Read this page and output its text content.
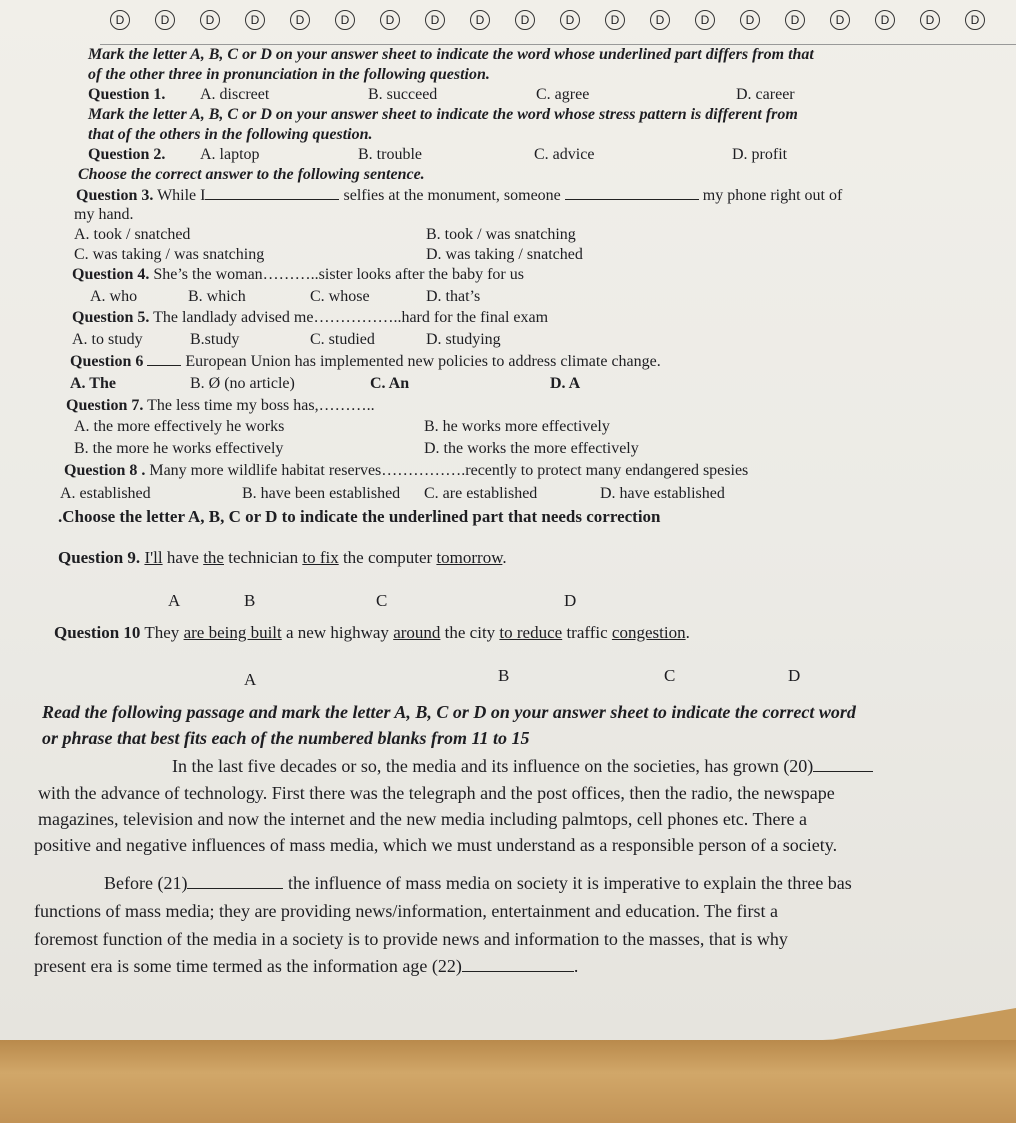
D	D	D	D	D	D	D	D	D	D	D	D	D	D	D	D	D	D	D	D
Mark the letter A, B, C or D on your answer sheet to indicate the word whose underlined part differs from that
of the other three in pronunciation in the following question.
Question 1. A. discreet	B. succeed	C. agree	D. career
Mark the letter A, B, C or D on your answer sheet to indicate the word whose stress pattern is different from
that of the others in the following question.
Question 2. A. laptop	B. trouble	C. advice	D. profit
Choose the correct answer to the following sentence.
Question 3. While I	selfies at the monument, someone	my phone right out of
my hand.
A. took / snatched	B. took / was snatching
C. was taking / was snatching	D. was taking / snatched
Question 4. She’s the woman………..sister looks after the baby for us
A. who	B. which	C. whose	D. that’s
Question 5. The landlady advised me……………..hard for the final exam
A. to study	B.study	C. studied	D. studying
Question 6	European Union has implemented new policies to address climate change.
A. The	B. Ø (no article)	C. An	D. A
Question 7. The less time my boss has,………..
A. the more effectively he works	B. he works more effectively
B. the more he works effectively	D. the works the more effectively
Question 8 . Many more wildlife habitat reserves…………….recently to protect many endangered spesies
A. established	B. have been established C. are established	D. have established
.Choose the letter A, B, C or D to indicate the underlined part that needs correction
Question 9. I'll have the technician to fix the computer tomorrow.
A	B	C	D
Question 10 They are being built a new highway around the city to reduce traffic congestion.
A	B	C	D
Read the following passage and mark the letter A, B, C or D on your answer sheet to indicate the correct word
or phrase that best fits each of the numbered blanks from 11 to 15
In the last five decades or so, the media and its influence on the societies, has grown (20)
with the advance of technology. First there was the telegraph and the post offices, then the radio, the newspape
magazines, television and now the internet and the new media including palmtops, cell phones etc. There a
positive and negative influences of mass media, which we must understand as a responsible person of a society.
Before (21)	the influence of mass media on society it is imperative to explain the three bas
functions of mass media; they are providing news/information, entertainment and education. The first a
foremost function of the media in a society is to provide news and information to the masses, that is why
present era is some time termed as the information age (22)	.
